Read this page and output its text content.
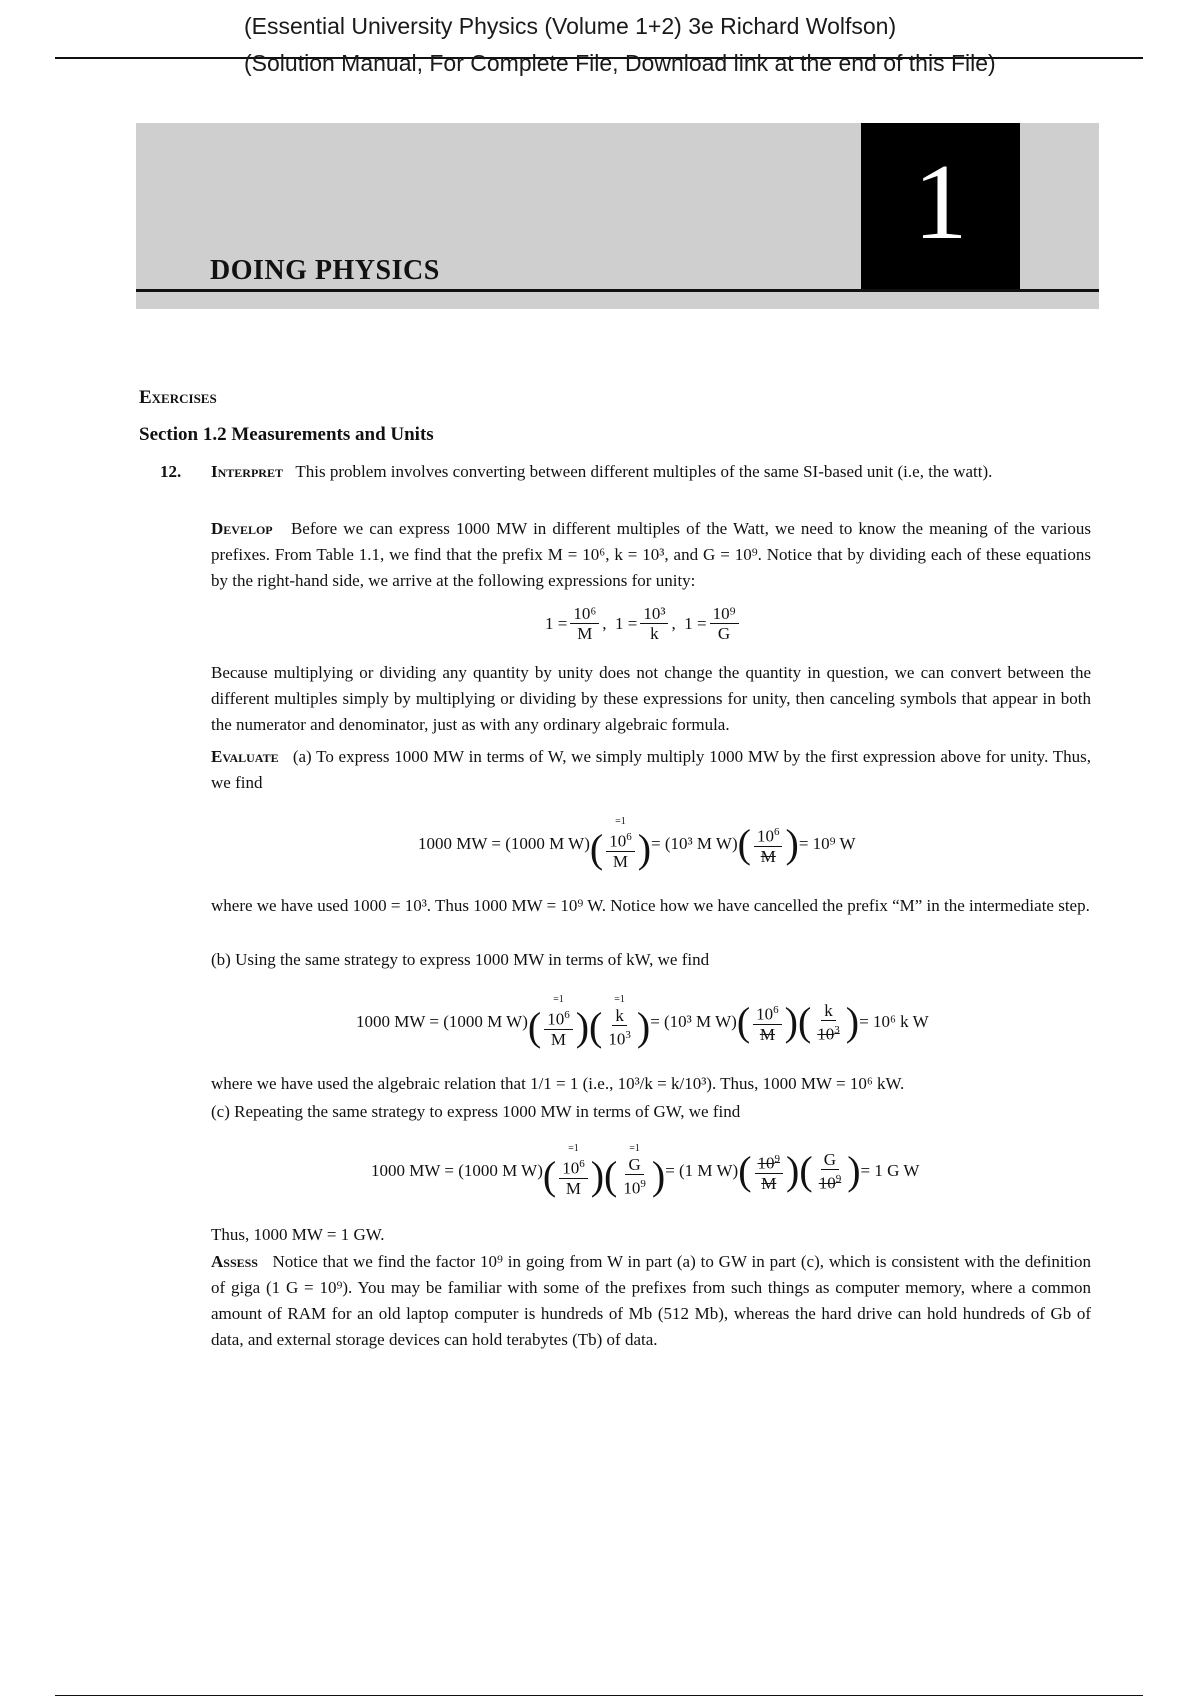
(Essential University Physics (Volume 1+2) 3e Richard Wolfson)
(Solution Manual, For Complete File, Download link at the end of this File)
DOING PHYSICS
1
Exercises
Section 1.2 Measurements and Units
12. Interpret This problem involves converting between different multiples of the same SI-based unit (i.e, the watt).
Develop Before we can express 1000 MW in different multiples of the Watt, we need to know the meaning of the various prefixes. From Table 1.1, we find that the prefix M = 10⁶, k = 10³, and G = 10⁹. Notice that by dividing each of these equations by the right-hand side, we arrive at the following expressions for unity:
$1 = \frac{\text{10⁶}}{M}$ , $1 = \frac{\text{10³}}{k}$ , $1 = \frac{\text{10⁹}}{G}$
Because multiplying or dividing any quantity by unity does not change the quantity in question, we can convert between the different multiples simply by multiplying or dividing by these expressions for unity, then canceling symbols that appear in both the numerator and denominator, just as with any ordinary algebraic formula.
Evaluate (a) To express 1000 MW in terms of W, we simply multiply 1000 MW by the first expression above for unity. Thus, we find
1000 MW = (1000 M W)
=1
( $\frac{10^6}{M}$ ) = (10³ M W) ( $\frac{10^6}{M}$ ) = 10⁹ W
where we have used 1000 = 10³. Thus 1000 MW = 10⁹ W. Notice how we have cancelled the prefix “M” in the intermediate step.
(b) Using the same strategy to express 1000 MW in terms of kW, we find
1000 MW = (1000 M W)
=1
( $\frac{10^6}{M}$ )
=1
( $\frac{k}{10^3}$ ) = (10³ M W) ( $\frac{10^6}{M}$ ) ( $\frac{k}{10^3}$ ) = 10⁶ k W
where we have used the algebraic relation that 1/1 = 1 (i.e., 10³/k = k/10³). Thus, 1000 MW = 10⁶ kW.
(c) Repeating the same strategy to express 1000 MW in terms of GW, we find
1000 MW = (1000 M W)
=1
( $\frac{10^6}{M}$ )
=1
( $\frac{G}{10^9}$ ) = (1 M W) ( $\frac{10^9}{M}$ ) ( $\frac{G}{10^9}$ ) = 1 G W
Thus, 1000 MW = 1 GW.
Assess Notice that we find the factor 10⁹ in going from W in part (a) to GW in part (c), which is consistent with the definition of giga (1 G = 10⁹). You may be familiar with some of the prefixes from such things as computer memory, where a common amount of RAM for an old laptop computer is hundreds of Mb (512 Mb), whereas the hard drive can hold hundreds of Gb of data, and external storage devices can hold terabytes (Tb) of data.
